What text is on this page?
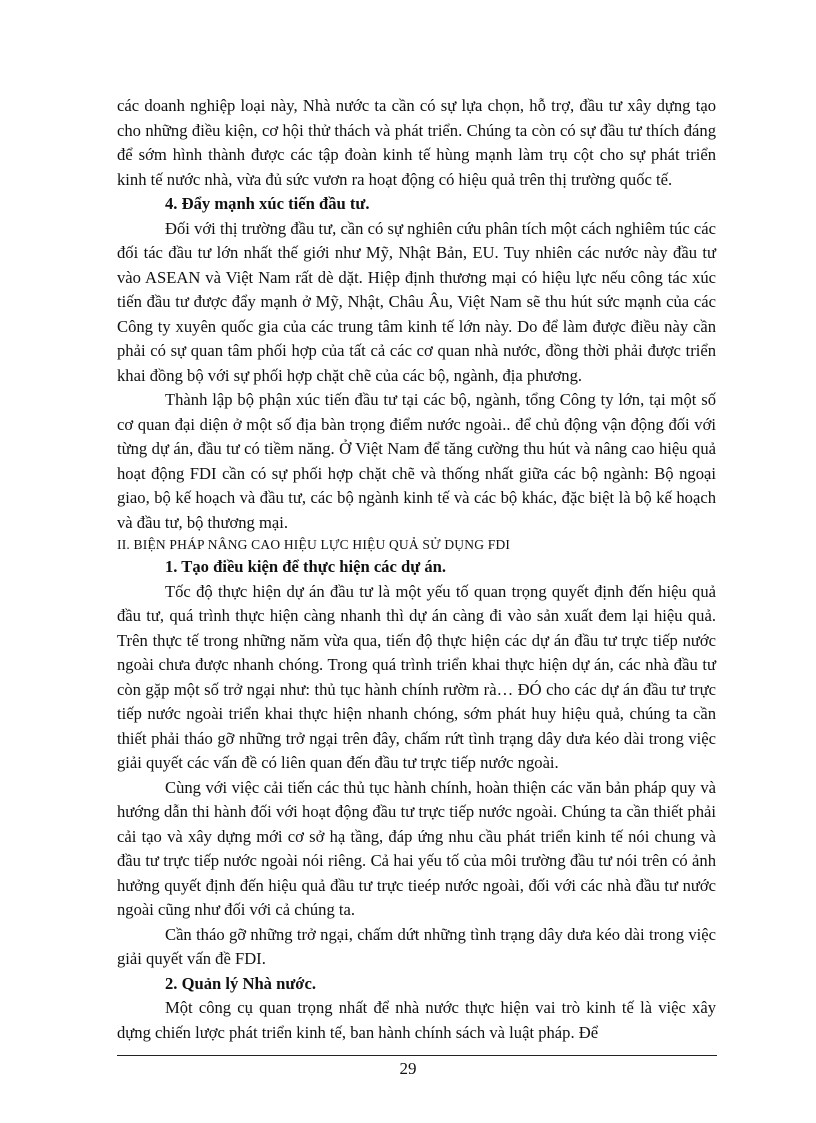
các doanh nghiệp loại này, Nhà nước ta cần có sự lựa chọn, hỗ trợ, đầu tư xây dựng tạo cho những điều kiện, cơ hội thử thách và phát triển. Chúng ta còn có sự đầu tư thích đáng để sớm hình thành được các tập đoàn kinh tế hùng mạnh làm trụ cột cho sự phát triển kinh tế nước nhà, vừa đủ sức vươn ra hoạt động có hiệu quả trên thị trường quốc tế.

4. Đẩy mạnh xúc tiến đầu tư.

Đối với thị trường đầu tư, cần có sự nghiên cứu phân tích một cách nghiêm túc các đối tác đầu tư lớn nhất thế giới như Mỹ, Nhật Bản, EU. Tuy nhiên các nước này đầu tư vào ASEAN và Việt Nam rất dè dặt. Hiệp định thương mại có hiệu lực nếu công tác xúc tiến đầu tư được đẩy mạnh ở Mỹ, Nhật, Châu Âu, Việt Nam sẽ thu hút sức mạnh của các Công ty xuyên quốc gia của các trung tâm kinh tế lớn này. Do để làm được điều này cần phải có sự quan tâm phối hợp của tất cả các cơ quan nhà nước, đồng thời phải được triển khai đồng bộ với sự phối hợp chặt chẽ của các bộ, ngành, địa phương.

Thành lập bộ phận xúc tiến đầu tư tại các bộ, ngành, tổng Công ty lớn, tại một số cơ quan đại diện ở một số địa bàn trọng điểm nước ngoài.. để chủ động vận động đối với từng dự án, đầu tư có tiềm năng. Ở Việt Nam để tăng cường thu hút và nâng cao hiệu quả hoạt động FDI cần có sự phối hợp chặt chẽ và thống nhất giữa các bộ ngành: Bộ ngoại giao, bộ kế hoạch và đầu tư, các bộ ngành kinh tế và các bộ khác, đặc biệt là bộ kế hoạch và đầu tư, bộ thương mại.

II. BIỆN PHÁP NÂNG CAO HIỆU LỰC HIỆU QUẢ SỬ DỤNG FDI

1. Tạo điều kiện để thực hiện các dự án.

Tốc độ thực hiện dự án đầu tư là một yếu tố quan trọng quyết định đến hiệu quả đầu tư, quá trình thực hiện càng nhanh thì dự án càng đi vào sản xuất đem lại hiệu quả. Trên thực tế trong những năm vừa qua, tiến độ thực hiện các dự án đầu tư trực tiếp nước ngoài chưa được nhanh chóng. Trong quá trình triển khai thực hiện dự án, các nhà đầu tư còn gặp một số trở ngại như: thủ tục hành chính rườm rà… ĐÓ cho các dự án đầu tư trực tiếp nước ngoài triển khai thực hiện nhanh chóng, sớm phát huy hiệu quả, chúng ta cần thiết phải tháo gỡ những trở ngại trên đây, chấm rứt tình trạng dây dưa kéo dài trong việc giải quyết các vấn đề có liên quan đến đầu tư trực tiếp nước ngoài.

Cùng với việc cải tiến các thủ tục hành chính, hoàn thiện các văn bản pháp quy và hướng dẫn thi hành đối với hoạt động đầu tư trực tiếp nước ngoài. Chúng ta cần thiết phải cải tạo và xây dựng mới cơ sở hạ tầng, đáp ứng nhu cầu phát triển kinh tế nói chung và đầu tư trực tiếp nước ngoài nói riêng. Cả hai yếu tố của môi trường đầu tư nói trên có ảnh hưởng quyết định đến hiệu quả đầu tư trực tieép nước ngoài, đối với các nhà đầu tư nước ngoài cũng như đối với cả chúng ta.

Cần tháo gỡ những trở ngại, chấm dứt những tình trạng dây dưa kéo dài trong việc giải quyết vấn đề FDI.

2. Quản lý Nhà nước.

Một công cụ quan trọng nhất để nhà nước thực hiện vai trò kinh tế là việc xây dựng chiến lược phát triển kinh tế, ban hành chính sách và luật pháp. Để

29
